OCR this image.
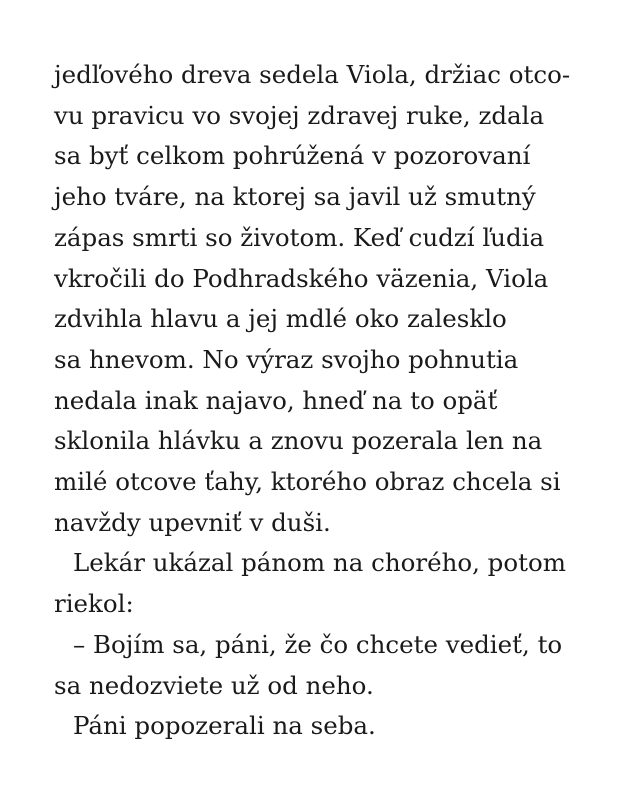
jedľového dreva sedela Viola, držiac otco-
vu pravicu vo svojej zdravej ruke, zdala
sa byť celkom pohrúžená v pozorovaní
jeho tváre, na ktorej sa javil už smutný
zápas smrti so životom. Keď cudzí ľudia
vkročili do Podhradského väzenia, Viola
zdvihla hlavu a jej mdlé oko zalesklo
sa hnevom. No výraz svojho pohnutia
nedala inak najavo, hneď na to opäť
sklonila hlávku a znovu pozerala len na
milé otcove ťahy, ktorého obraz chcela si
navždy upevniť v duši.
Lekár ukázal pánom na chorého, potom
riekol:
– Bojím sa, páni, že čo chcete vedieť, to
sa nedozviete už od neho.
Páni popozerali na seba.
